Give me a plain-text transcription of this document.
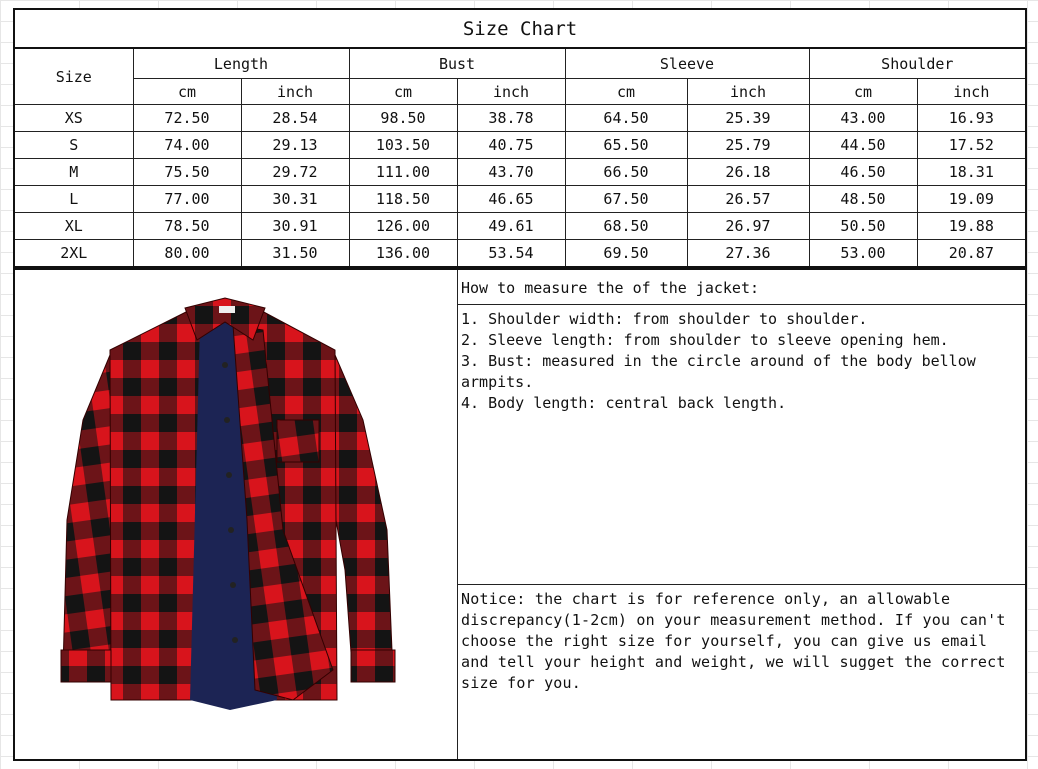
Size Chart								
Size	Length		Bust		Sleeve		Shoulder	
	cm	inch	cm	inch	cm	inch	cm	inch
XS	72.50	28.54	98.50	38.78	64.50	25.39	43.00	16.93
S	74.00	29.13	103.50	40.75	65.50	25.79	44.50	17.52
M	75.50	29.72	111.00	43.70	66.50	26.18	46.50	18.31
L	77.00	30.31	118.50	46.65	67.50	26.57	48.50	19.09
XL	78.50	30.91	126.00	49.61	68.50	26.97	50.50	19.88
2XL	80.00	31.50	136.00	53.54	69.50	27.36	53.00	20.87
How to measure the of the jacket:
1. Shoulder width: from shoulder to shoulder.
2. Sleeve length: from shoulder to sleeve opening hem.
3. Bust: measured in the circle around of the body bellow armpits.
4. Body length: central back length.
Notice: the chart is for reference only, an allowable discrepancy(1-2cm) on your measurement method. If you can't choose the right size for yourself, you can give us email and tell your height and weight, we will sugget the correct size for you.
